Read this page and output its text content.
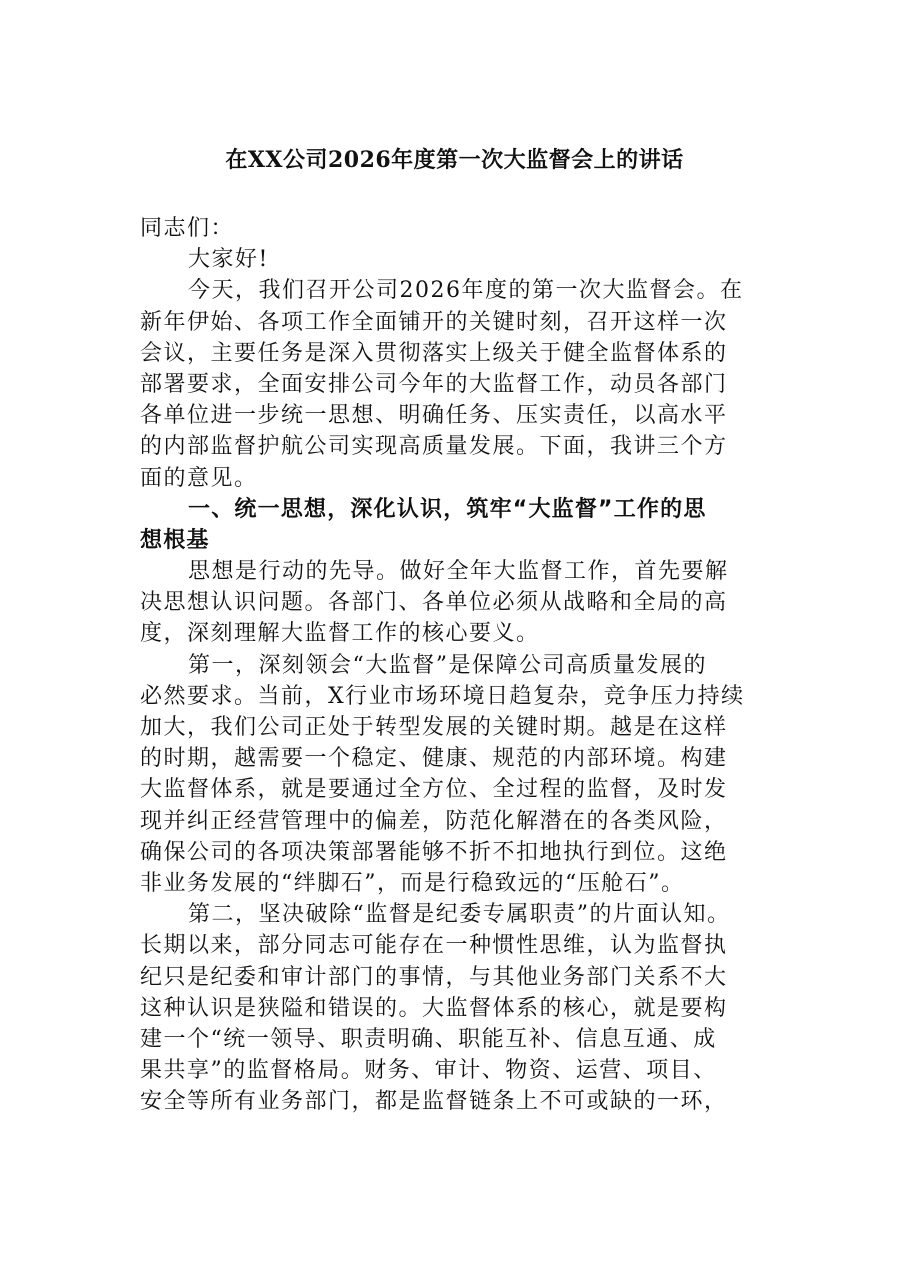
在XX公司2026年度第一次大监督会上的讲话
同志们：
大家好!
今天，我们召开公司2026年度的第一次大监督会。在
新年伊始、各项工作全面铺开的关键时刻，召开这样一次
会议，主要任务是深入贯彻落实上级关于健全监督体系的
部署要求，全面安排公司今年的大监督工作，动员各部门
各单位进一步统一思想、明确任务、压实责任，以高水平
的内部监督护航公司实现高质量发展。下面，我讲三个方
面的意见。
一、统一思想，深化认识，筑牢“大监督”工作的思
想根基
思想是行动的先导。做好全年大监督工作，首先要解
决思想认识问题。各部门、各单位必须从战略和全局的高
度，深刻理解大监督工作的核心要义。
第一，深刻领会“大监督”是保障公司高质量发展的
必然要求。当前，X行业市场环境日趋复杂，竞争压力持续
加大，我们公司正处于转型发展的关键时期。越是在这样
的时期，越需要一个稳定、健康、规范的内部环境。构建
大监督体系，就是要通过全方位、全过程的监督，及时发
现并纠正经营管理中的偏差，防范化解潜在的各类风险，
确保公司的各项决策部署能够不折不扣地执行到位。这绝
非业务发展的“绊脚石”，而是行稳致远的“压舱石”。
第二，坚决破除“监督是纪委专属职责”的片面认知。
长期以来，部分同志可能存在一种惯性思维，认为监督执
纪只是纪委和审计部门的事情，与其他业务部门关系不大
这种认识是狭隘和错误的。大监督体系的核心，就是要构
建一个“统一领导、职责明确、职能互补、信息互通、成
果共享”的监督格局。财务、审计、物资、运营、项目、
安全等所有业务部门，都是监督链条上不可或缺的一环，
